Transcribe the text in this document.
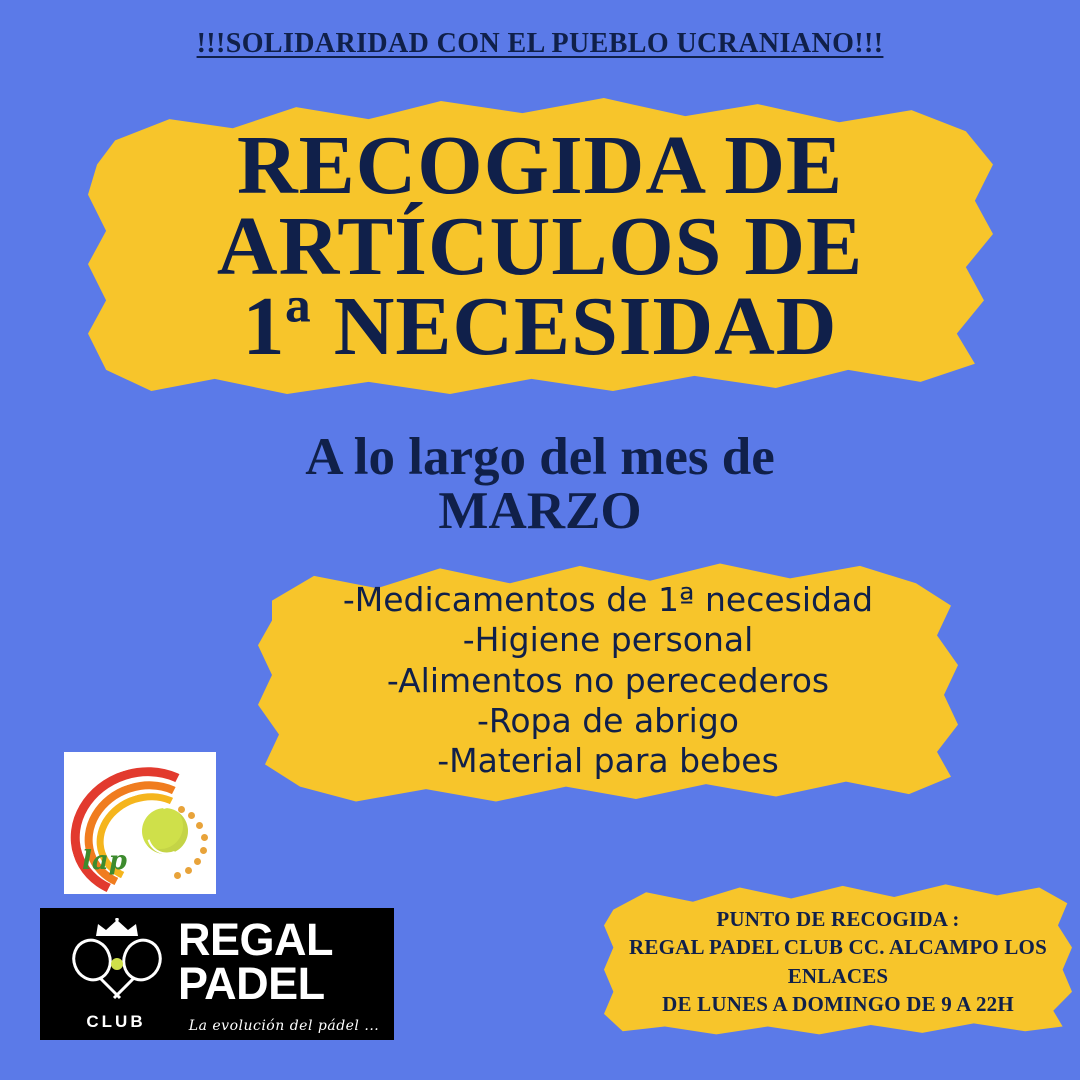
!!!SOLIDARIDAD CON EL PUEBLO UCRANIANO!!!
RECOGIDA DE
ARTÍCULOS DE
1ª NECESIDAD
A lo largo del mes de
MARZO
-Medicamentos de 1ª necesidad
-Higiene personal
-Alimentos no perecederos
-Ropa de abrigo
-Material para bebes
PUNTO DE RECOGIDA :
REGAL PADEL CLUB CC. ALCAMPO LOS ENLACES
DE LUNES A DOMINGO DE 9 A 22H
lap
CLUB
REGAL
PADEL
La evolución del pádel ...
